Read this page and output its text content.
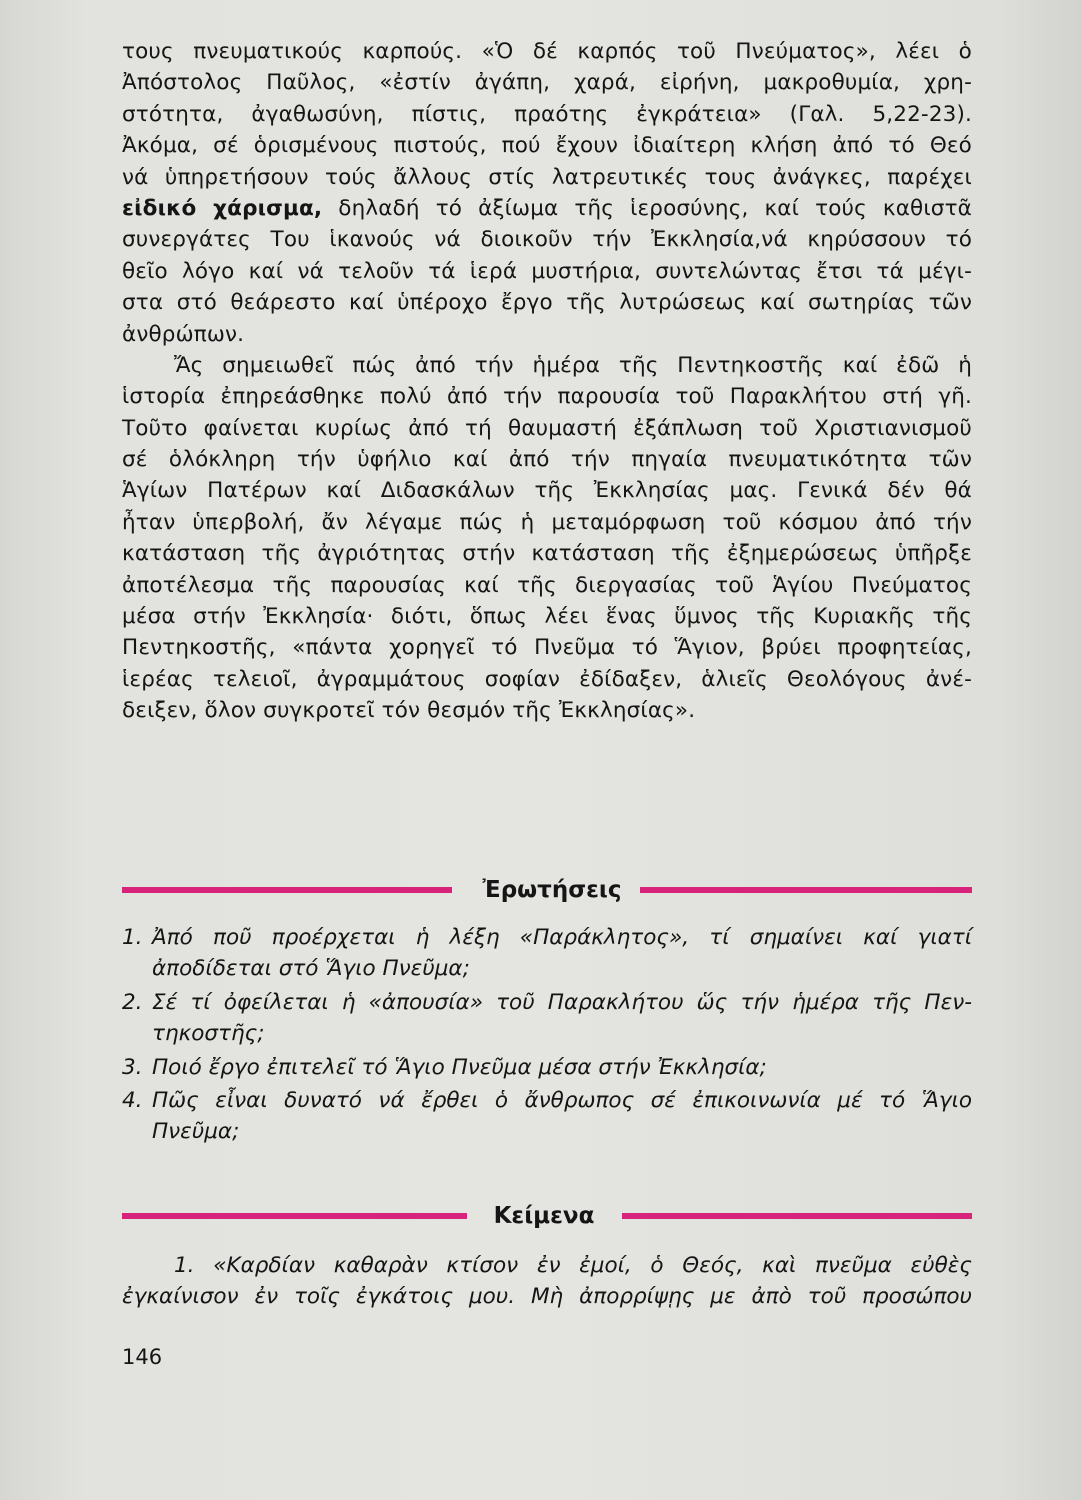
τους πνευματικούς καρπούς. «Ὁ δέ καρπός τοῦ Πνεύματος», λέει ὁ
Ἀπόστολος Παῦλος, «ἐστίν ἀγάπη, χαρά, εἰρήνη, μακροθυμία, χρη-
στότητα, ἀγαθωσύνη, πίστις, πραότης ἐγκράτεια» (Γαλ. 5,22-23).
Ἀκόμα, σέ ὁρισμένους πιστούς, πού ἔχουν ἰδιαίτερη κλήση ἀπό τό Θεό
νά ὑπηρετήσουν τούς ἄλλους στίς λατρευτικές τους ἀνάγκες, παρέχει
εἰδικό χάρισμα, δηλαδή τό ἀξίωμα τῆς ἱεροσύνης, καί τούς καθιστᾶ
συνεργάτες Του ἱκανούς νά διοικοῦν τήν Ἐκκλησία,νά κηρύσσουν τό
θεῖο λόγο καί νά τελοῦν τά ἱερά μυστήρια, συντελώντας ἔτσι τά μέγι-
στα στό θεάρεστο καί ὑπέροχο ἔργο τῆς λυτρώσεως καί σωτηρίας τῶν
ἀνθρώπων.
Ἄς σημειωθεῖ πώς ἀπό τήν ἡμέρα τῆς Πεντηκοστῆς καί ἐδῶ ἡ
ἱστορία ἐπηρεάσθηκε πολύ ἀπό τήν παρουσία τοῦ Παρακλήτου στή γῆ.
Τοῦτο φαίνεται κυρίως ἀπό τή θαυμαστή ἐξάπλωση τοῦ Χριστιανισμοῦ
σέ ὁλόκληρη τήν ὑφήλιο καί ἀπό τήν πηγαία πνευματικότητα τῶν
Ἁγίων Πατέρων καί Διδασκάλων τῆς Ἐκκλησίας μας. Γενικά δέν θά
ἦταν ὑπερβολή, ἄν λέγαμε πώς ἡ μεταμόρφωση τοῦ κόσμου ἀπό τήν
κατάσταση τῆς ἀγριότητας στήν κατάσταση τῆς ἐξημερώσεως ὑπῆρξε
ἀποτέλεσμα τῆς παρουσίας καί τῆς διεργασίας τοῦ Ἁγίου Πνεύματος
μέσα στήν Ἐκκλησία· διότι, ὅπως λέει ἕνας ὕμνος τῆς Κυριακῆς τῆς
Πεντηκοστῆς, «πάντα χορηγεῖ τό Πνεῦμα τό Ἅγιον, βρύει προφητείας,
ἱερέας τελειοῖ, ἀγραμμάτους σοφίαν ἐδίδαξεν, ἁλιεῖς Θεολόγους ἀνέ-
δειξεν, ὅλον συγκροτεῖ τόν θεσμόν τῆς Ἐκκλησίας».
Ἐρωτήσεις
1. Ἀπό ποῦ προέρχεται ἡ λέξη «Παράκλητος», τί σημαίνει καί γιατί
ἀποδίδεται στό Ἅγιο Πνεῦμα;
2. Σέ τί ὀφείλεται ἡ «ἀπουσία» τοῦ Παρακλήτου ὥς τήν ἡμέρα τῆς Πεν-
τηκοστῆς;
3. Ποιό ἔργο ἐπιτελεῖ τό Ἅγιο Πνεῦμα μέσα στήν Ἐκκλησία;
4. Πῶς εἶναι δυνατό νά ἔρθει ὁ ἄνθρωπος σέ ἐπικοινωνία μέ τό Ἅγιο
Πνεῦμα;
Κείμενα
1. «Καρδίαν καθαρὰν κτίσον ἐν ἐμοί, ὁ Θεός, καὶ πνεῦμα εὐθὲς
ἐγκαίνισον ἐν τοῖς ἐγκάτοις μου. Μὴ ἀπορρίψῃς με ἀπὸ τοῦ προσώπου
146
